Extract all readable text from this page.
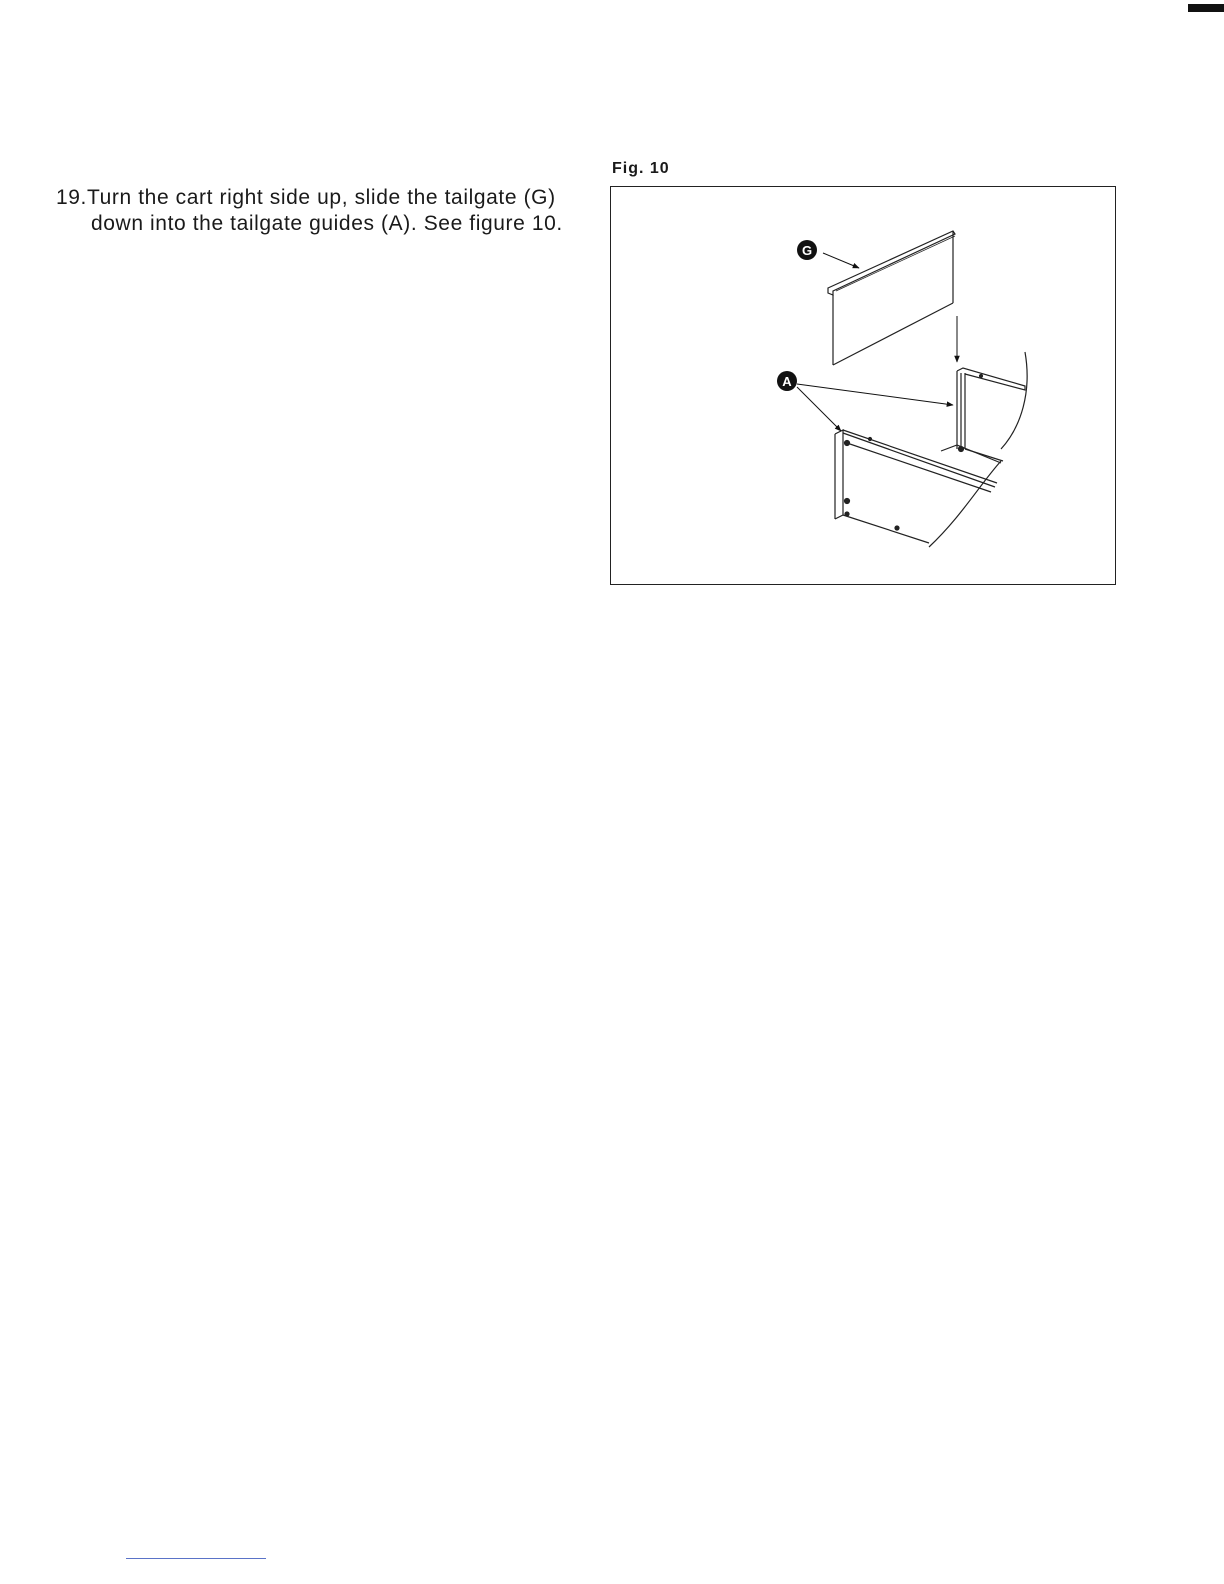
19.Turn the cart right side up, slide the tailgate (G)
down into the tailgate guides (A). See figure 10.
Fig. 10
G
A
